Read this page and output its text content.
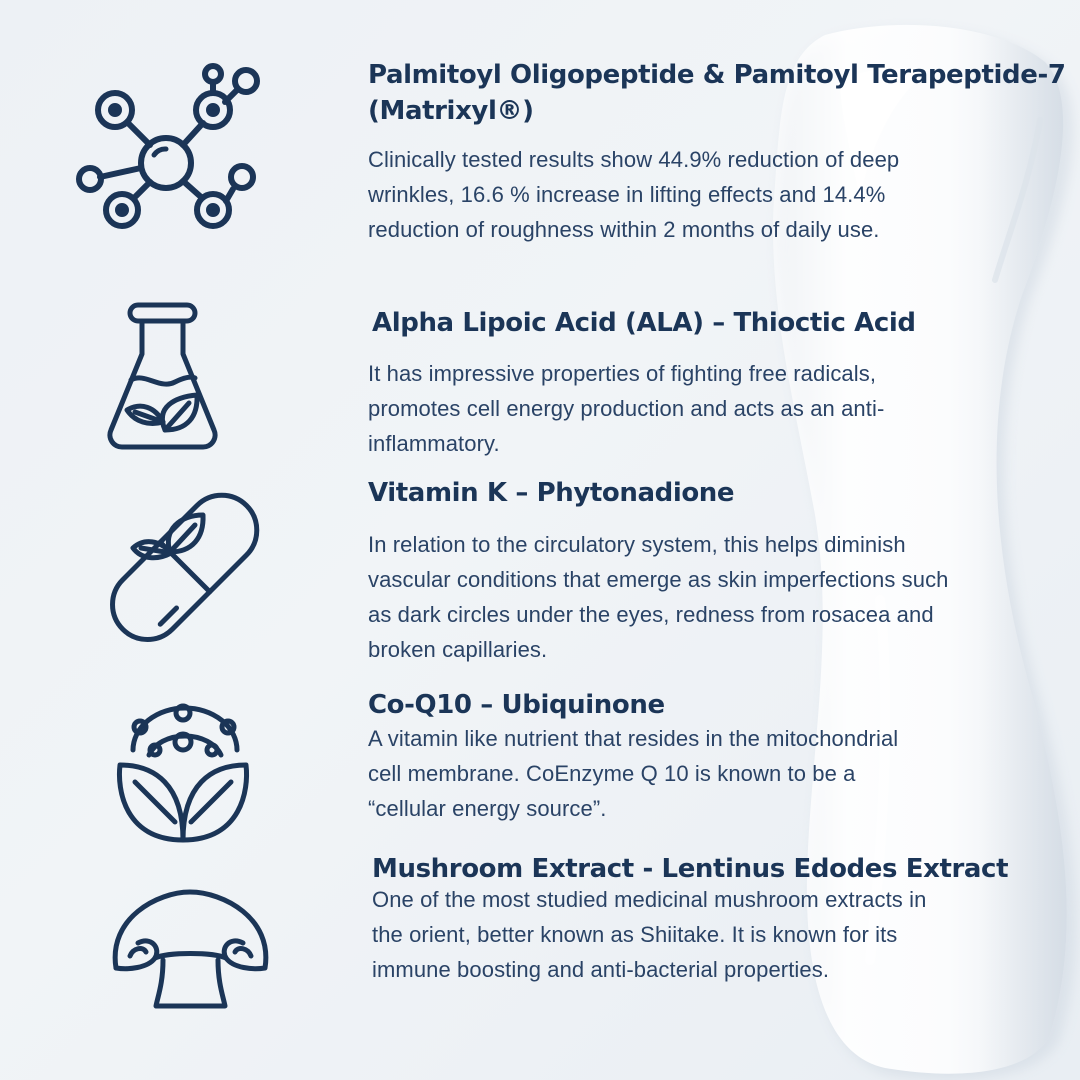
Palmitoyl Oligopeptide & Pamitoyl Terapeptide-7 (Matrixyl®)

Clinically tested results show 44.9% reduction of deep wrinkles, 16.6 % increase in lifting effects and 14.4% reduction of roughness within 2 months of daily use.

Alpha Lipoic Acid (ALA) – Thioctic Acid

It has impressive properties of fighting free radicals, promotes cell energy production and acts as an anti-inflammatory.

Vitamin K – Phytonadione

In relation to the circulatory system, this helps diminish vascular conditions that emerge as skin imperfections such as dark circles under the eyes, redness from rosacea and broken capillaries.

Co-Q10 – Ubiquinone

A vitamin like nutrient that resides in the mitochondrial cell membrane. CoEnzyme Q 10 is known to be a “cellular energy source”.

Mushroom Extract - Lentinus Edodes Extract

One of the most studied medicinal mushroom extracts in the orient, better known as Shiitake. It is known for its immune boosting and anti-bacterial properties.
